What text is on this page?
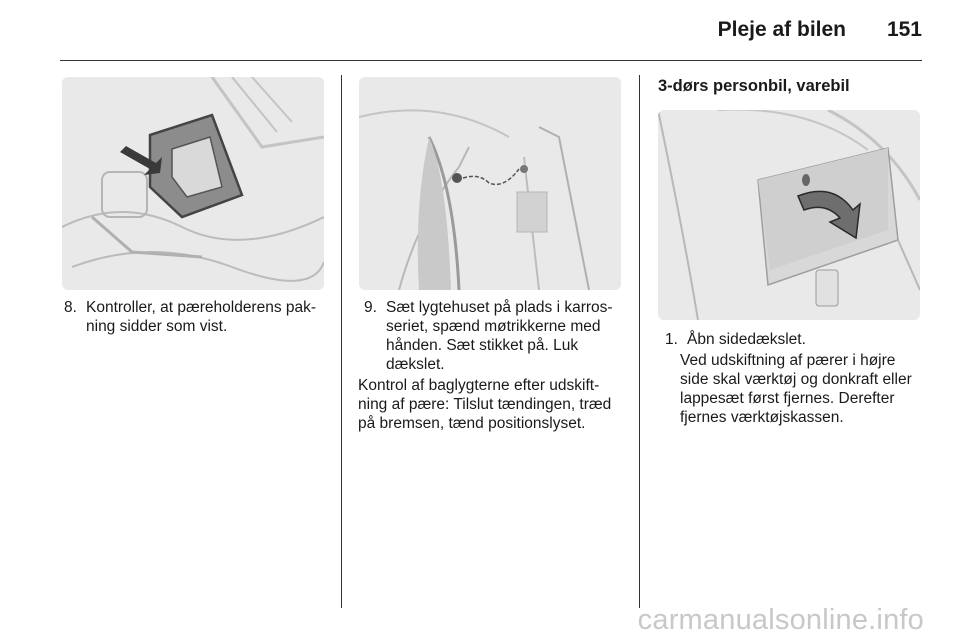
Pleje af bilen	151
8. Kontroller, at pæreholderens pak-ning sidder som vist.
9. Sæt lygtehuset på plads i karros-seriet, spænd møtrikkerne med hånden. Sæt stikket på. Luk dækslet.
Kontrol af baglygterne efter udskift-ning af pære: Tilslut tændingen, træd på bremsen, tænd positionslyset.
3-dørs personbil, varebil
1. Åbn sidedækslet.
Ved udskiftning af pærer i højre side skal værktøj og donkraft eller lappesæt først fjernes. Derefter fjernes værktøjskassen.
carmanualsonline.info
